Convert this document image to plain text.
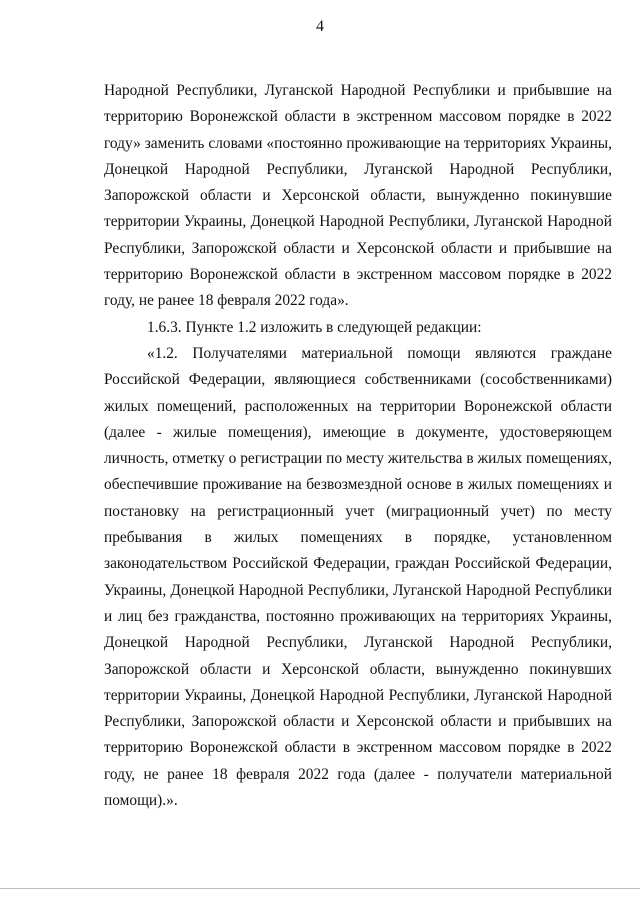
4

Народной Республики, Луганской Народной Республики и прибывшие на
территорию Воронежской области в экстренном массовом порядке в 2022
году» заменить словами «постоянно проживающие на территориях Украины,
Донецкой Народной Республики, Луганской Народной Республики,
Запорожской области и Херсонской области, вынужденно покинувшие
территории Украины, Донецкой Народной Республики, Луганской Народной
Республики, Запорожской области и Херсонской области и прибывшие на
территорию Воронежской области в экстренном массовом порядке в 2022
году, не ранее 18 февраля 2022 года».

1.6.3. Пункте 1.2 изложить в следующей редакции:

«1.2. Получателями материальной помощи являются граждане
Российской Федерации, являющиеся собственниками (сособственниками)
жилых помещений, расположенных на территории Воронежской области
(далее - жилые помещения), имеющие в документе, удостоверяющем
личность, отметку о регистрации по месту жительства в жилых помещениях,
обеспечившие проживание на безвозмездной основе в жилых помещениях и
постановку на регистрационный учет (миграционный учет) по месту
пребывания в жилых помещениях в порядке, установленном
законодательством Российской Федерации, граждан Российской Федерации,
Украины, Донецкой Народной Республики, Луганской Народной Республики
и лиц без гражданства, постоянно проживающих на территориях Украины,
Донецкой Народной Республики, Луганской Народной Республики,
Запорожской области и Херсонской области, вынужденно покинувших
территории Украины, Донецкой Народной Республики, Луганской Народной
Республики, Запорожской области и Херсонской области и прибывших на
территорию Воронежской области в экстренном массовом порядке в 2022
году, не ранее 18 февраля 2022 года (далее - получатели материальной
помощи).».
